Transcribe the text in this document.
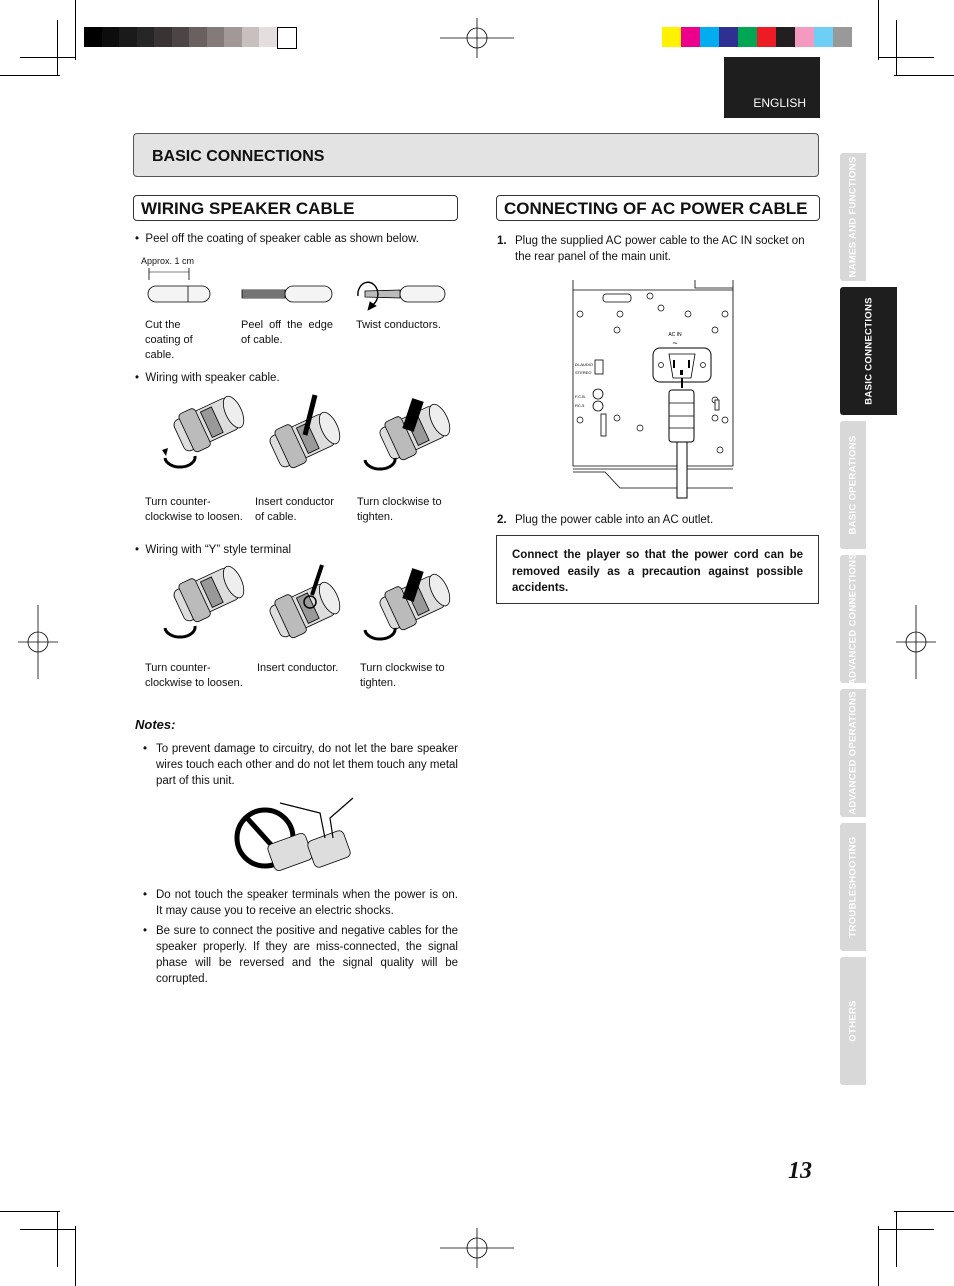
ENGLISH
BASIC CONNECTIONS
WIRING SPEAKER CABLE
•  Peel off the coating of speaker cable as shown below.
Approx. 1 cm
Cut the coating of cable.
Peel off the edge of cable.
Twist conductors.
•  Wiring with speaker cable.
Turn counter-clockwise to loosen.
Insert conductor of cable.
Turn clockwise to tighten.
•  Wiring with “Y” style terminal
Turn counter-clockwise to loosen.
Insert conductor.	Turn clockwise to tighten.
Notes:
• To prevent damage to circuitry, do not let the bare speaker wires touch each other and do not let them touch any metal part of this unit.
• Do not touch the speaker terminals when the power is on. It may cause you to receive an electric shocks.
• Be sure to connect the positive and negative cables for the speaker properly. If they are miss-connected, the signal phase will be reversed and the signal quality will be corrupted.
CONNECTING OF AC POWER CABLE
1. Plug the supplied AC power cable to the AC IN socket on the rear panel of the main unit.
AC IN
~
DI-AUDIO
STEREO
F.C.B.
RC-5
2. Plug the power cable into an AC outlet.
Connect the player so that the power cord can be removed easily as a precaution against possible accidents.
NAMES AND FUNCTIONS
BASIC CONNECTIONS
BASIC OPERATIONS
ADVANCED CONNECTIONS
ADVANCED OPERATIONS
TROUBLESHOOTING
OTHERS
13
